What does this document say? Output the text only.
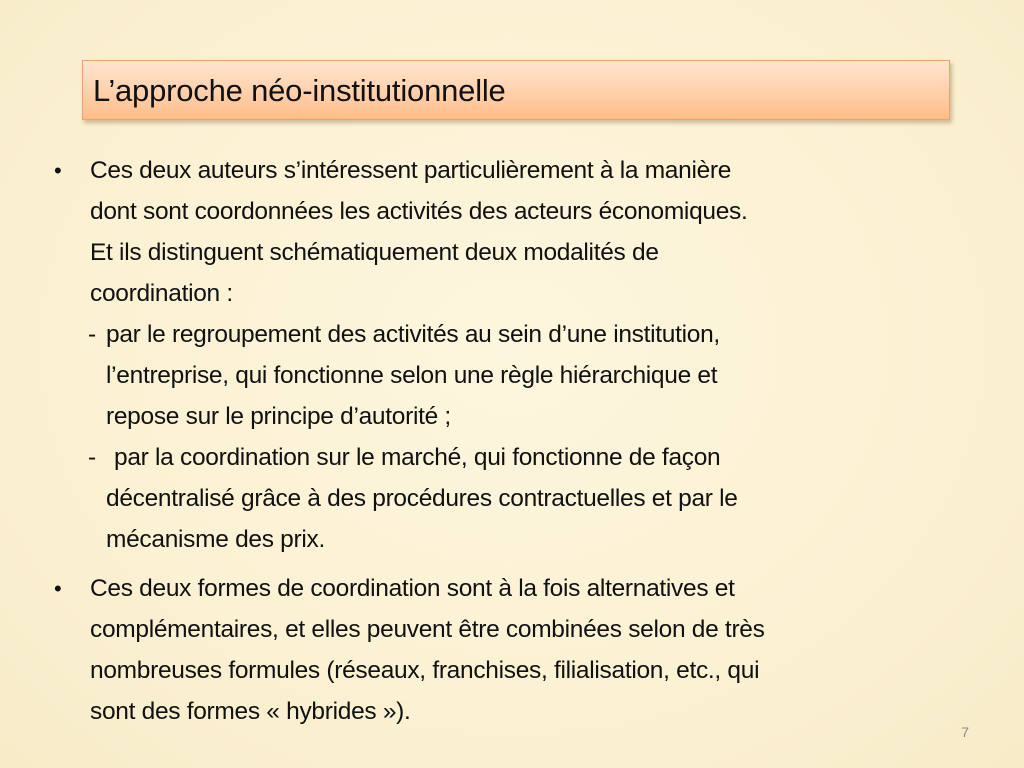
L’approche néo-institutionnelle
• Ces deux auteurs s’intéressent particulièrement à la manière
dont sont coordonnées les activités des acteurs économiques.
Et ils distinguent schématiquement deux modalités de
coordination :
- par le regroupement des activités au sein d’une institution,
l’entreprise, qui fonctionne selon une règle hiérarchique et
repose sur le principe d’autorité ;
- par la coordination sur le marché, qui fonctionne de façon
décentralisé grâce à des procédures contractuelles et par le
mécanisme des prix.
• Ces deux formes de coordination sont à la fois alternatives et
complémentaires, et elles peuvent être combinées selon de très
nombreuses formules (réseaux, franchises, filialisation, etc., qui
sont des formes « hybrides »).
7
